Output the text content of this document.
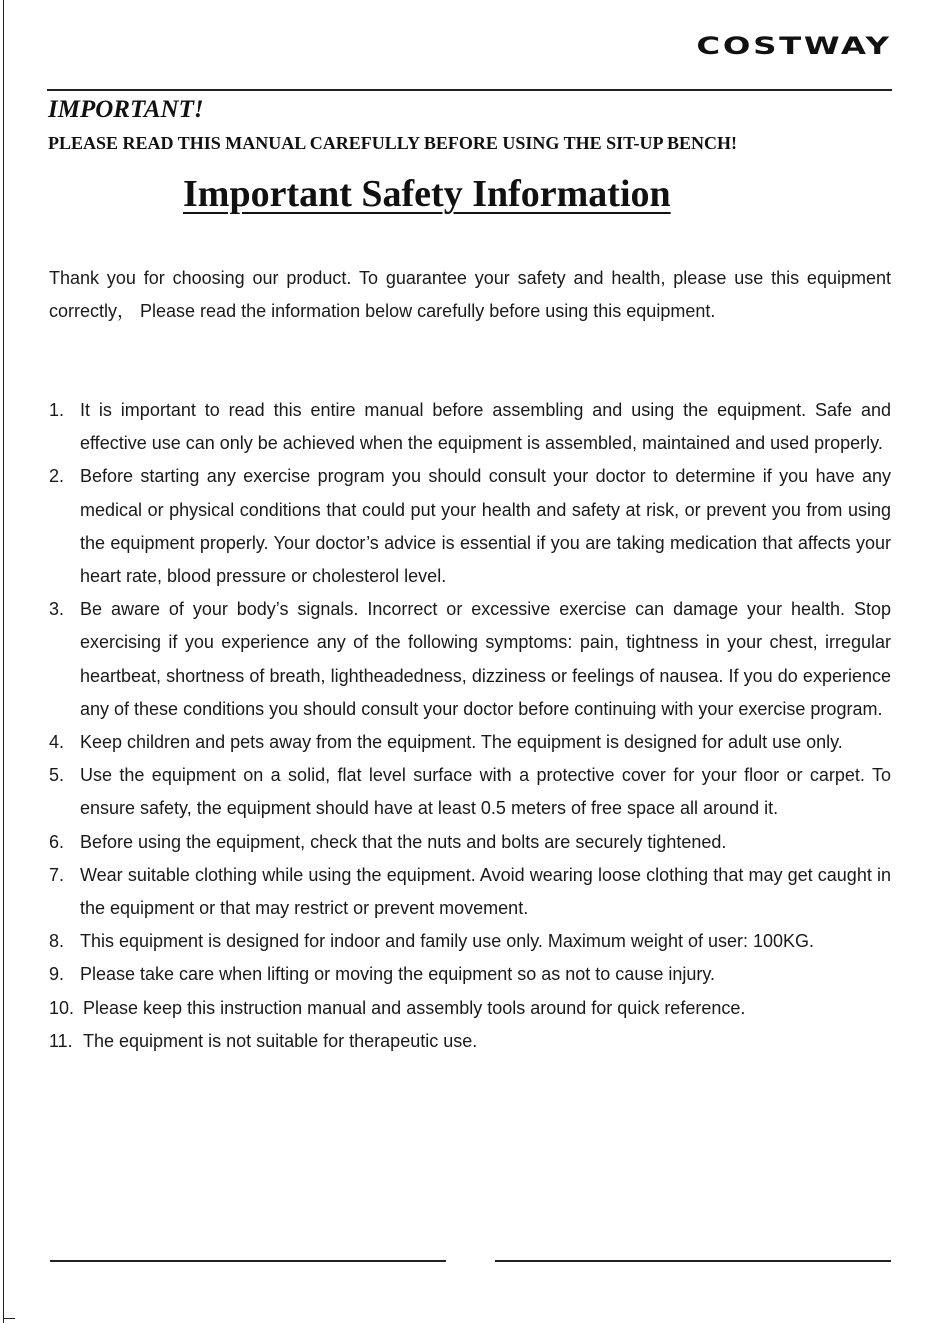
COSTWAY
IMPORTANT!
PLEASE READ THIS MANUAL CAREFULLY BEFORE USING THE SIT-UP BENCH!
Important Safety Information

Thank you for choosing our product. To guarantee your safety and health, please use this equipment correctly， Please read the information below carefully before using this equipment.

1. It is important to read this entire manual before assembling and using the equipment. Safe and effective use can only be achieved when the equipment is assembled, maintained and used properly.
2. Before starting any exercise program you should consult your doctor to determine if you have any medical or physical conditions that could put your health and safety at risk, or prevent you from using the equipment properly. Your doctor’s advice is essential if you are taking medication that affects your heart rate, blood pressure or cholesterol level.
3. Be aware of your body’s signals. Incorrect or excessive exercise can damage your health. Stop exercising if you experience any of the following symptoms: pain, tightness in your chest, irregular heartbeat, shortness of breath, lightheadedness, dizziness or feelings of nausea. If you do experience any of these conditions you should consult your doctor before continuing with your exercise program.
4. Keep children and pets away from the equipment. The equipment is designed for adult use only.
5. Use the equipment on a solid, flat level surface with a protective cover for your floor or carpet. To ensure safety, the equipment should have at least 0.5 meters of free space all around it.
6. Before using the equipment, check that the nuts and bolts are securely tightened.
7. Wear suitable clothing while using the equipment. Avoid wearing loose clothing that may get caught in the equipment or that may restrict or prevent movement.
8. This equipment is designed for indoor and family use only. Maximum weight of user: 100KG.
9. Please take care when lifting or moving the equipment so as not to cause injury.
10. Please keep this instruction manual and assembly tools around for quick reference.
11. The equipment is not suitable for therapeutic use.
